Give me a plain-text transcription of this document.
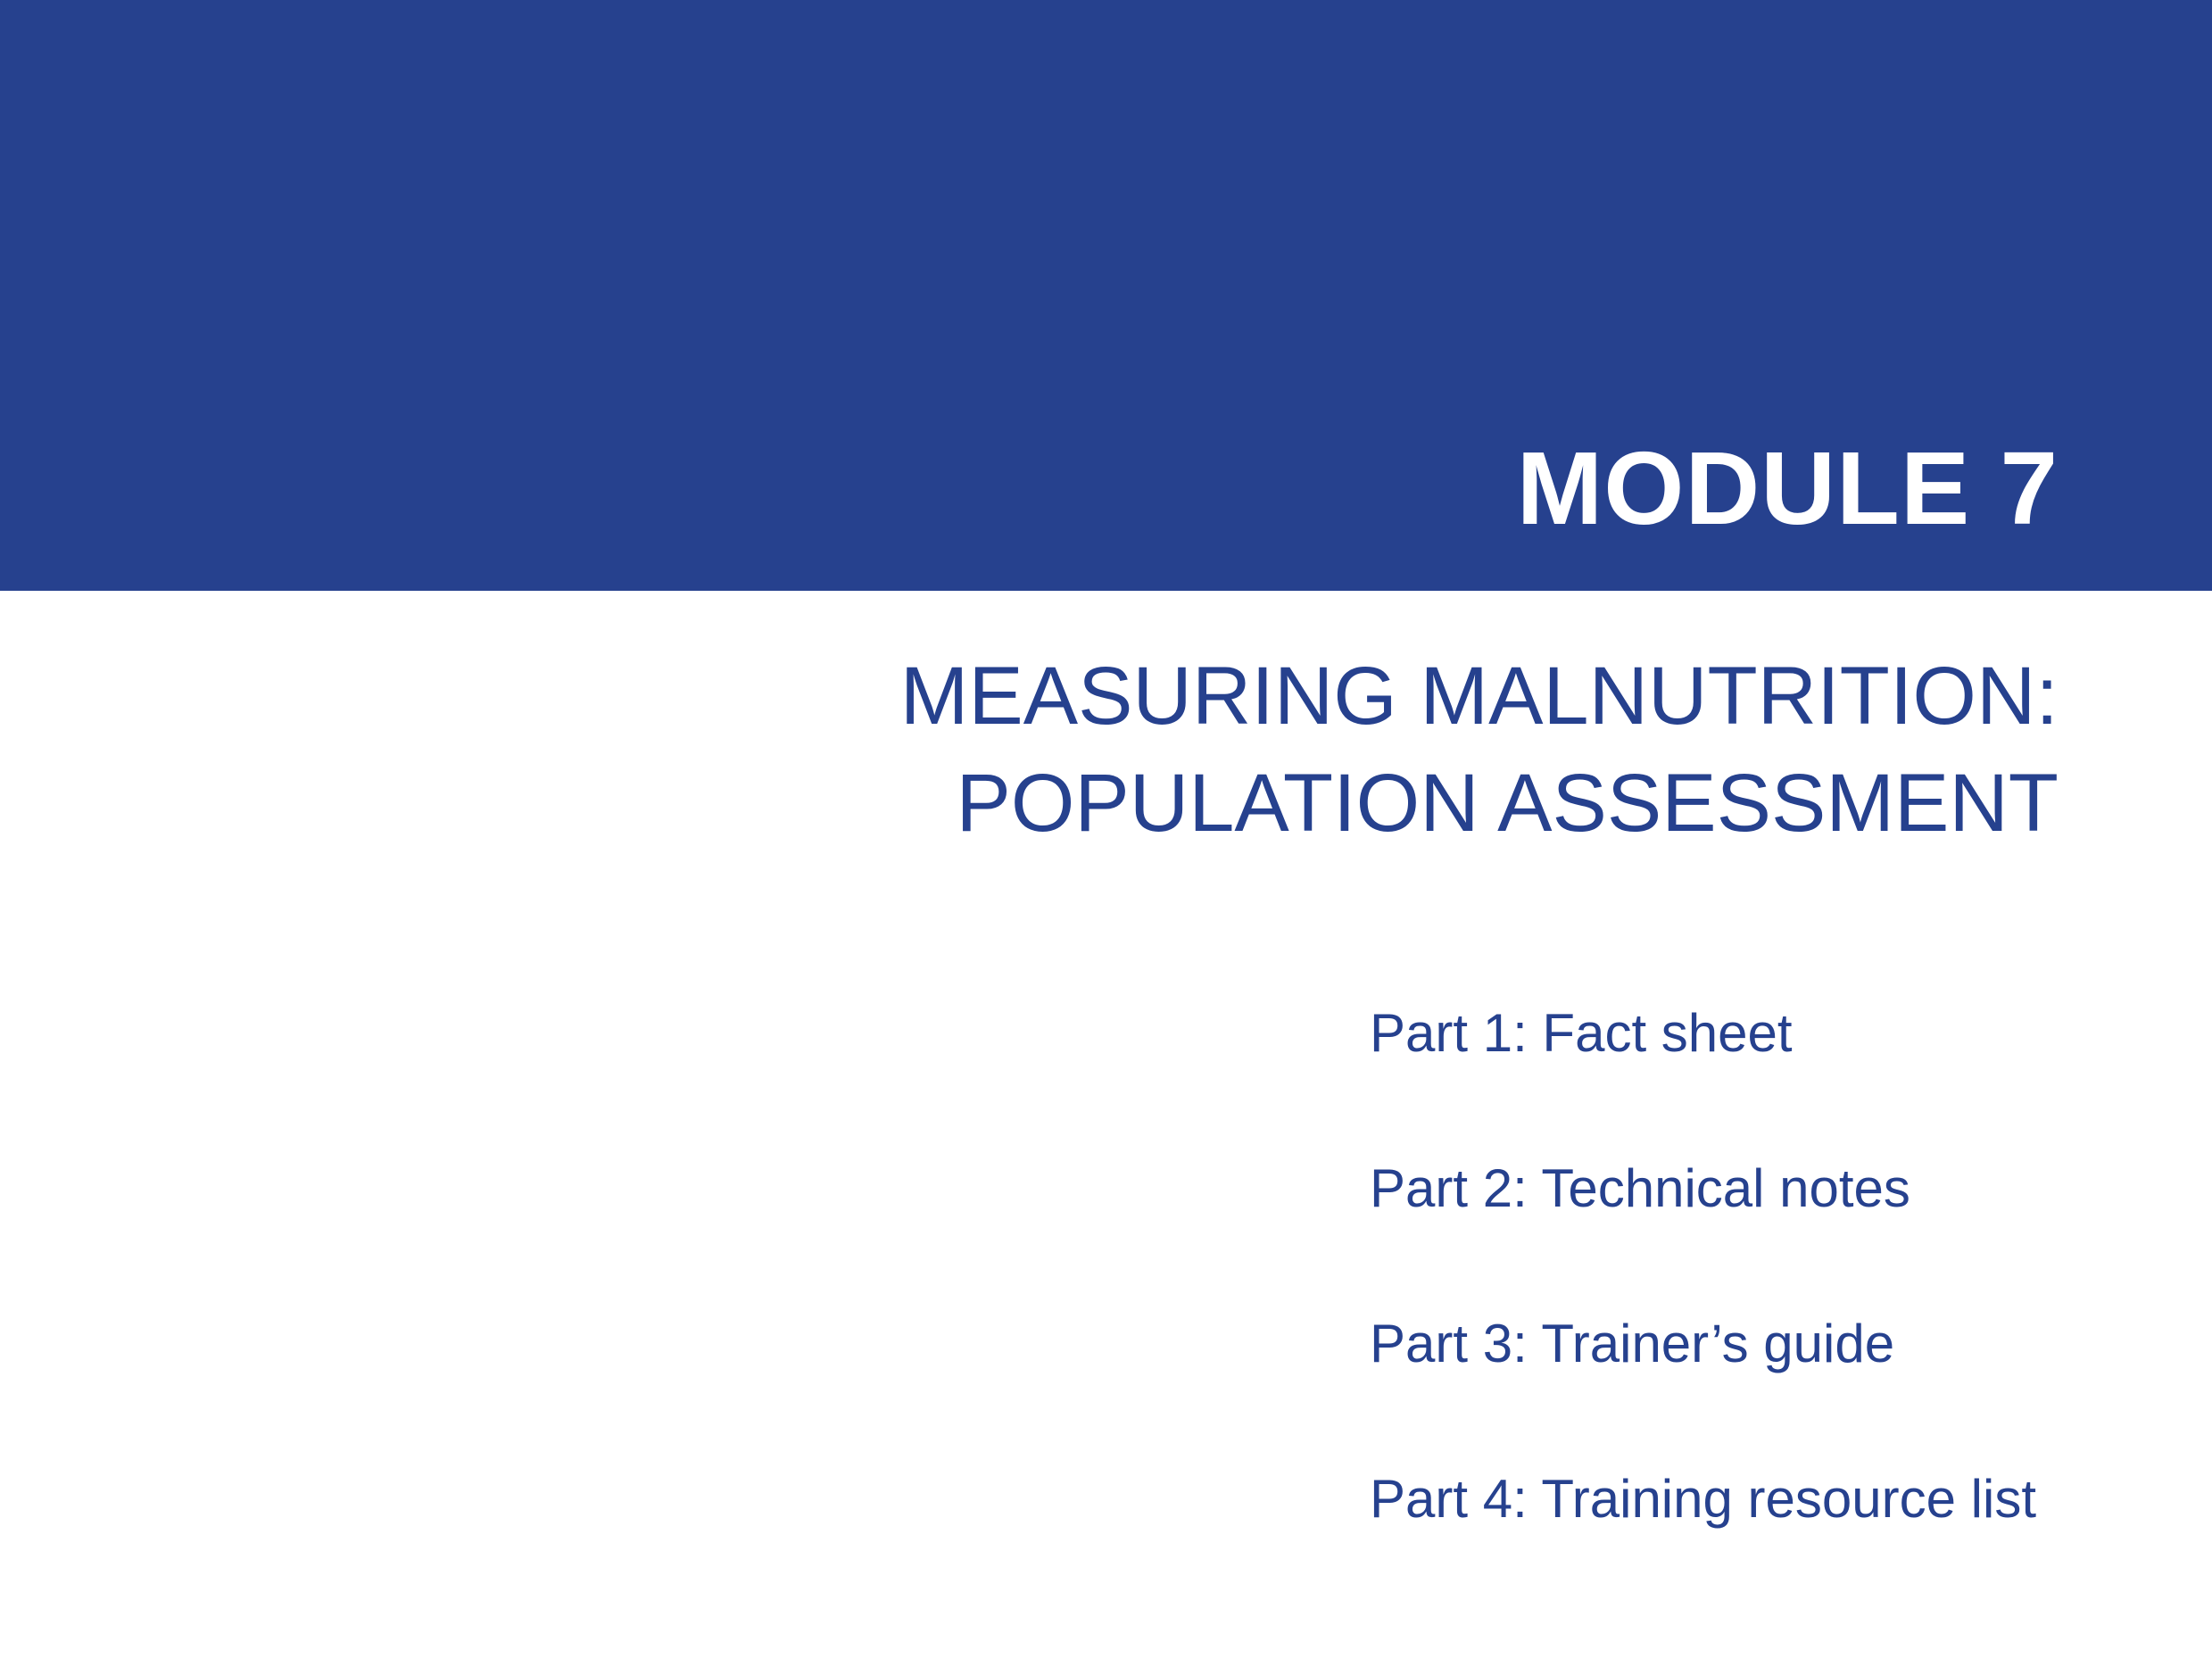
MODULE 7
MEASURING MALNUTRITION:
POPULATION ASSESSMENT
Part 1: Fact sheet
Part 2: Technical notes
Part 3: Trainer’s guide
Part 4: Training resource list
